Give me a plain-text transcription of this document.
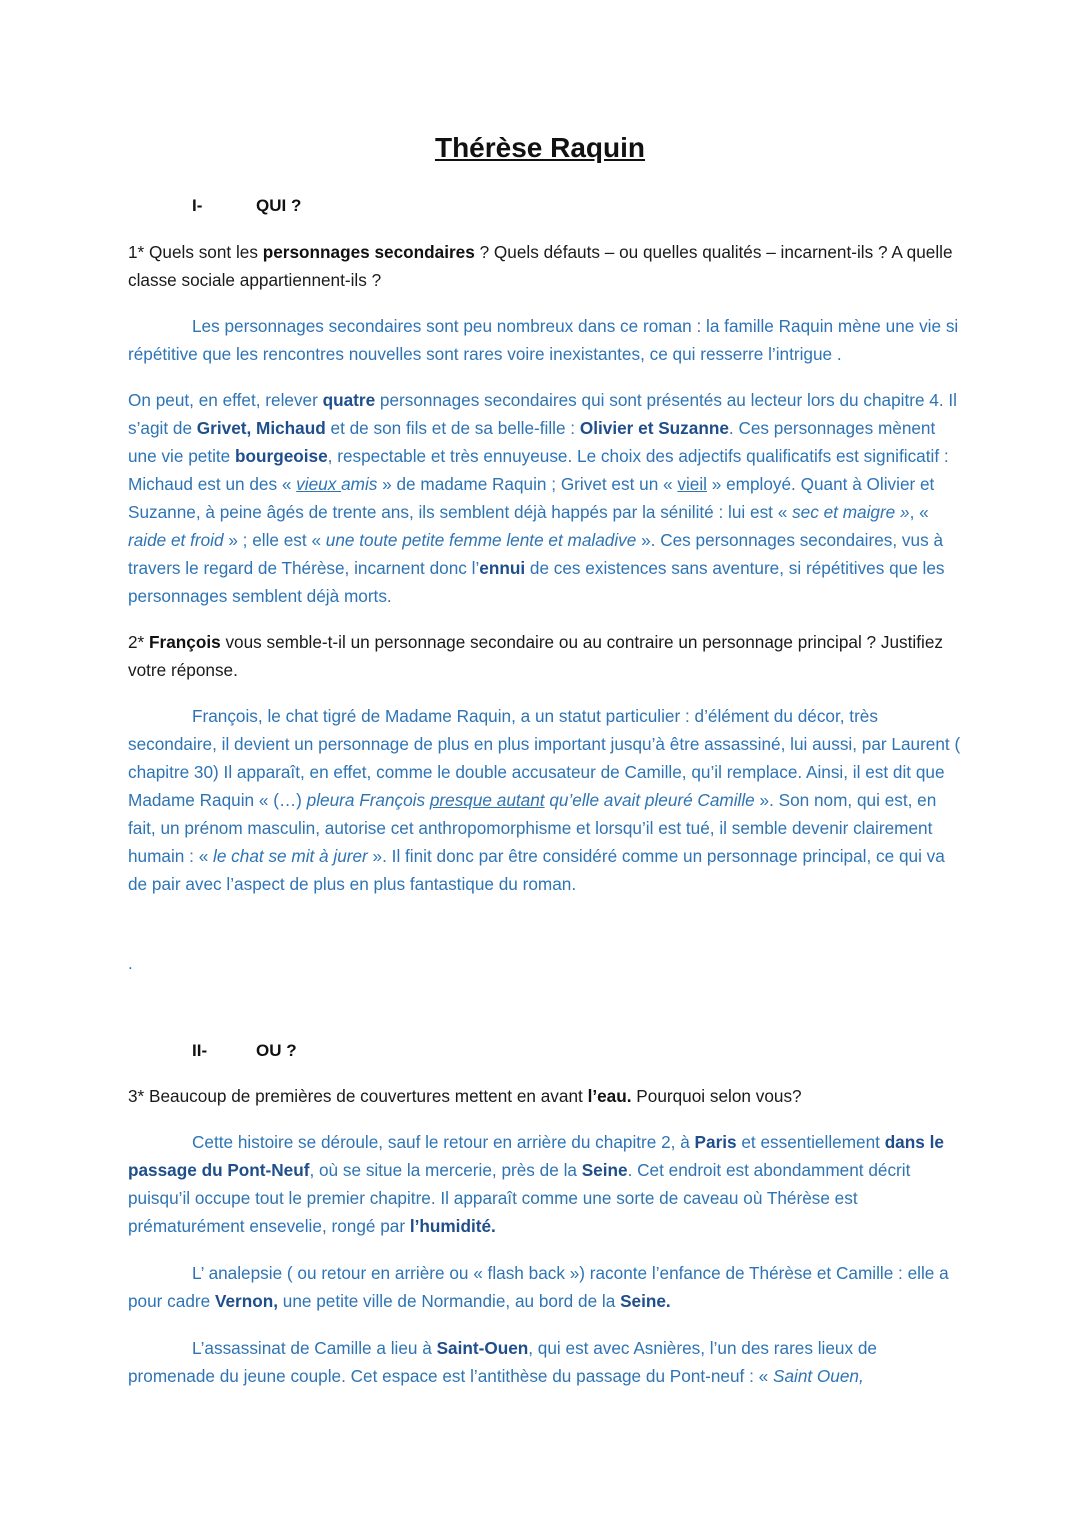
Thérèse Raquin
I-	QUI ?

1* Quels sont les personnages secondaires ? Quels défauts – ou quelles qualités – incarnent-ils ? A quelle classe sociale appartiennent-ils ?

Les personnages secondaires sont peu nombreux dans ce roman : la famille Raquin mène une vie si répétitive que les rencontres nouvelles sont rares voire inexistantes, ce qui resserre l’intrigue .

On peut, en effet, relever quatre personnages secondaires qui sont présentés au lecteur lors du chapitre 4. Il s’agit de Grivet, Michaud et de son fils et de sa belle-fille : Olivier et Suzanne. Ces personnages mènent une vie petite bourgeoise, respectable et très ennuyeuse. Le choix des adjectifs qualificatifs est significatif : Michaud est un des « vieux amis » de madame Raquin ; Grivet est un « vieil » employé. Quant à Olivier et Suzanne, à peine âgés de trente ans, ils semblent déjà happés par la sénilité : lui est « sec et maigre », « raide et froid » ; elle est « une toute petite femme lente et maladive ». Ces personnages secondaires, vus à travers le regard de Thérèse, incarnent donc l’ennui de ces existences sans aventure, si répétitives que les personnages semblent déjà morts.

2* François vous semble-t-il un personnage secondaire ou au contraire un personnage principal ? Justifiez votre réponse.

François, le chat tigré de Madame Raquin, a un statut particulier : d’élément du décor, très secondaire, il devient un personnage de plus en plus important jusqu’à être assassiné, lui aussi, par Laurent ( chapitre 30) Il apparaît, en effet, comme le double accusateur de Camille, qu’il remplace. Ainsi, il est dit que Madame Raquin « (…) pleura François presque autant qu’elle avait pleuré Camille ». Son nom, qui est, en fait, un prénom masculin, autorise cet anthropomorphisme et lorsqu’il est tué, il semble devenir clairement humain : « le chat se mit à jurer ». Il finit donc par être considéré comme un personnage principal, ce qui va de pair avec l’aspect de plus en plus fantastique du roman.

.
II-	OU ?

3* Beaucoup de premières de couvertures mettent en avant l’eau. Pourquoi selon vous?

Cette histoire se déroule, sauf le retour en arrière du chapitre 2, à Paris et essentiellement dans le passage du Pont-Neuf, où se situe la mercerie, près de la Seine. Cet endroit est abondamment décrit puisqu’il occupe tout le premier chapitre. Il apparaît comme une sorte de caveau où Thérèse est prématurément ensevelie, rongé par l’humidité.

L’ analepsie ( ou retour en arrière ou « flash back ») raconte l’enfance de Thérèse et Camille : elle a pour cadre Vernon, une petite ville de Normandie, au bord de la Seine.

L’assassinat de Camille a lieu à Saint-Ouen, qui est avec Asnières, l’un des rares lieux de promenade du jeune couple. Cet espace est l’antithèse du passage du Pont-neuf : « Saint Ouen,
